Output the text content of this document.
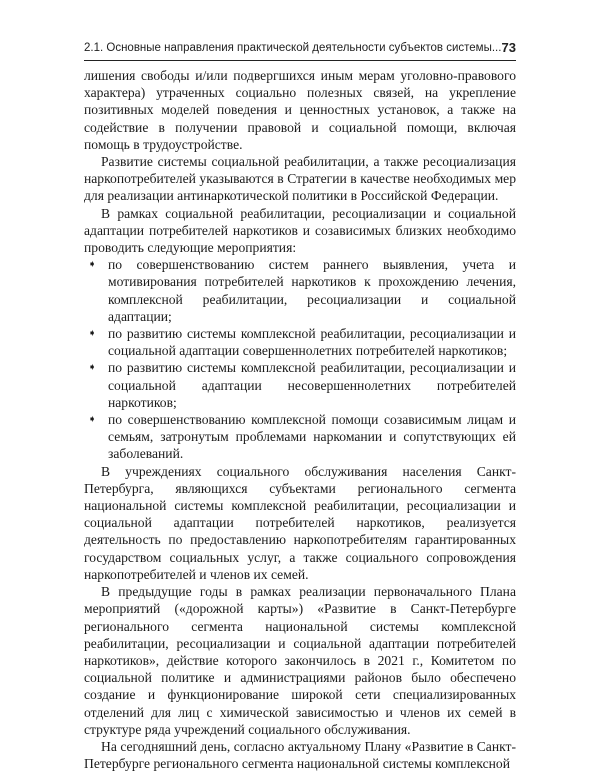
2.1. Основные направления практической деятельности субъектов системы... 73

лишения свободы и/или подвергшихся иным мерам уголовно-правового характера) утраченных социально полезных связей, на укрепление позитивных моделей поведения и ценностных установок, а также на содействие в получении правовой и социальной помощи, включая помощь в трудоустройстве.

Развитие системы социальной реабилитации, а также ресоциализация наркопотребителей указываются в Стратегии в качестве необходимых мер для реализации антинаркотической политики в Российской Федерации.

В рамках социальной реабилитации, ресоциализации и социальной адаптации потребителей наркотиков и созависимых близких необходимо проводить следующие мероприятия:

➧ по совершенствованию систем раннего выявления, учета и мотивирования потребителей наркотиков к прохождению лечения, комплексной реабилитации, ресоциализации и социальной адаптации;
➧ по развитию системы комплексной реабилитации, ресоциализации и социальной адаптации совершеннолетних потребителей наркотиков;
➧ по развитию системы комплексной реабилитации, ресоциализации и социальной адаптации несовершеннолетних потребителей наркотиков;
➧ по совершенствованию комплексной помощи созависимым лицам и семьям, затронутым проблемами наркомании и сопутствующих ей заболеваний.

В учреждениях социального обслуживания населения Санкт-Петербурга, являющихся субъектами регионального сегмента национальной системы комплексной реабилитации, ресоциализации и социальной адаптации потребителей наркотиков, реализуется деятельность по предоставлению наркопотребителям гарантированных государством социальных услуг, а также социального сопровождения наркопотребителей и членов их семей.

В предыдущие годы в рамках реализации первоначального Плана мероприятий («дорожной карты») «Развитие в Санкт-Петербурге регионального сегмента национальной системы комплексной реабилитации, ресоциализации и социальной адаптации потребителей наркотиков», действие которого закончилось в 2021 г., Комитетом по социальной политике и администрациями районов было обеспечено создание и функционирование широкой сети специализированных отделений для лиц с химической зависимостью и членов их семей в структуре ряда учреждений социального обслуживания.

На сегодняшний день, согласно актуальному Плану «Развитие в Санкт-Петербурге регионального сегмента национальной системы комплексной
